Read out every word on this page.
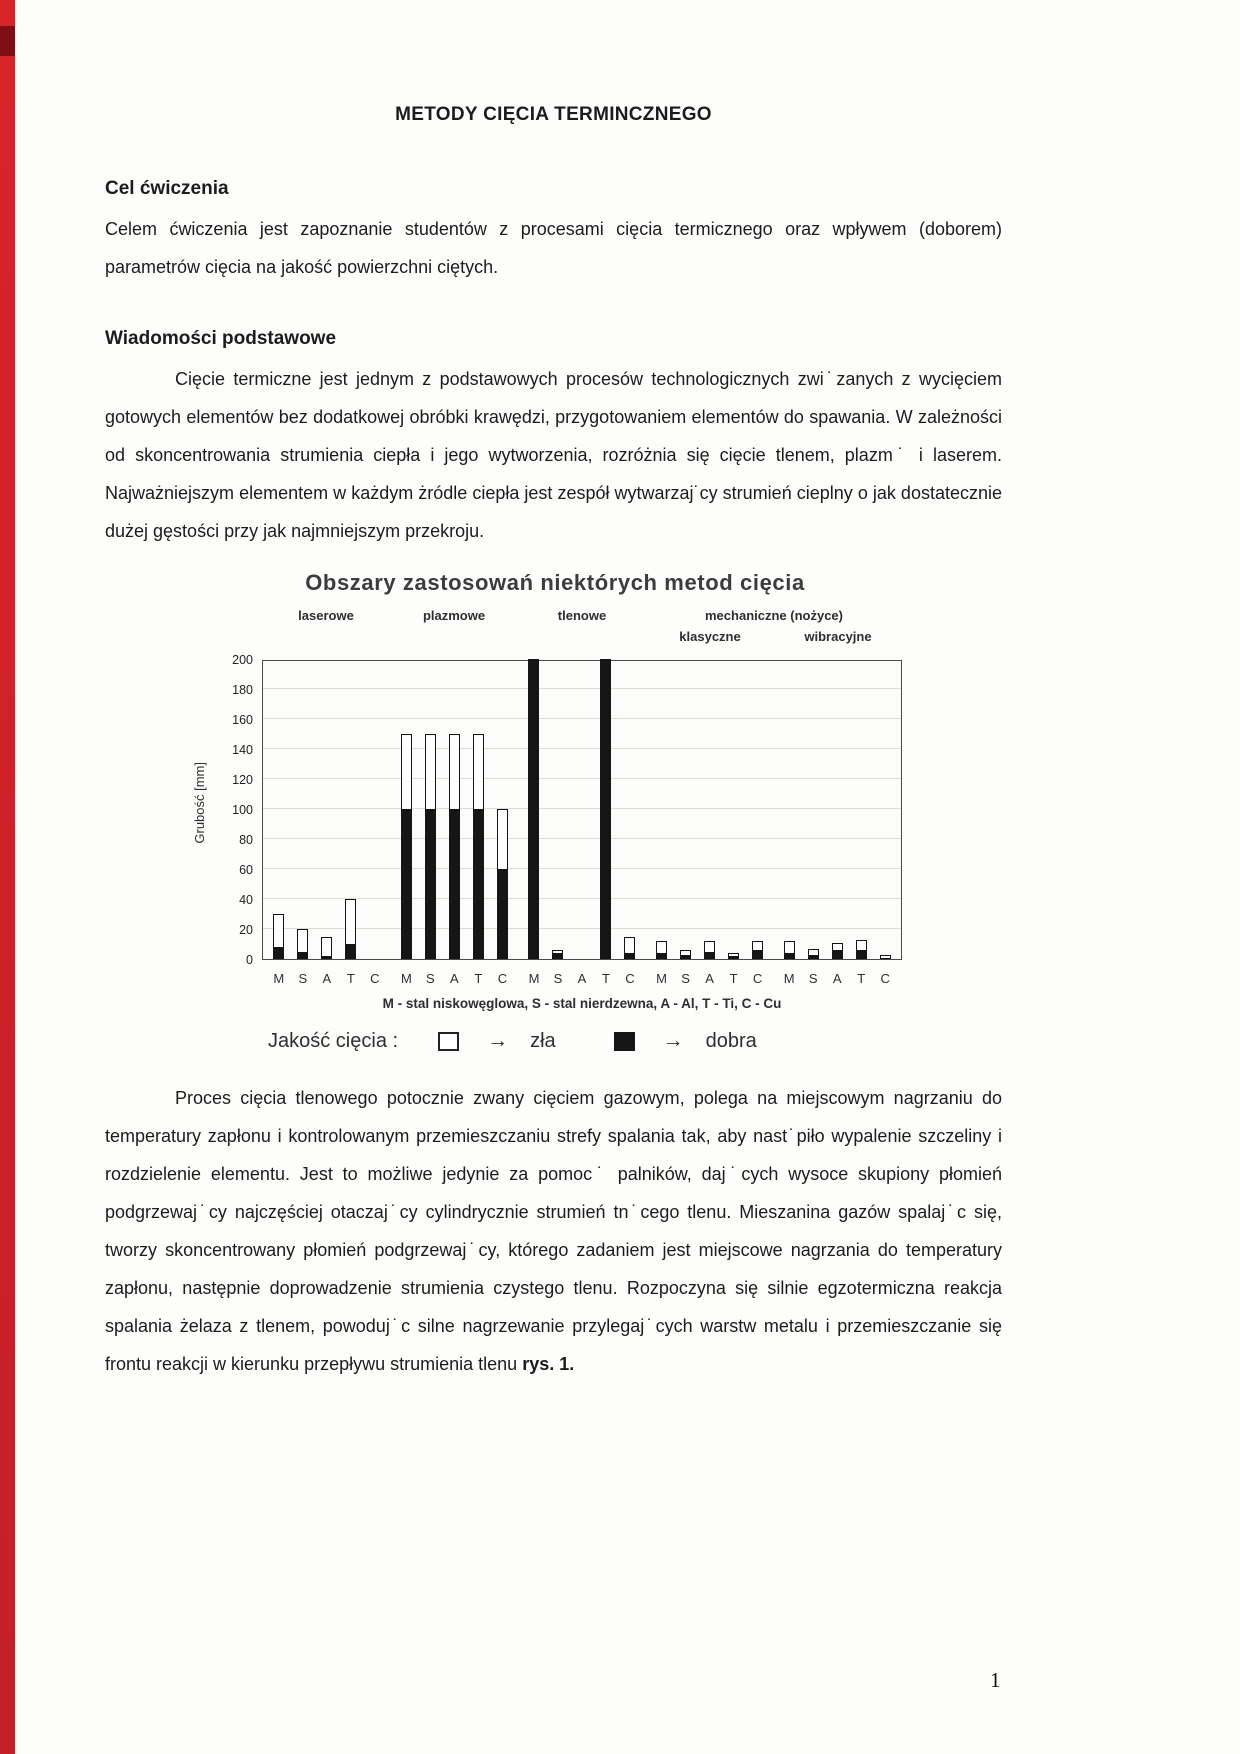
METODY CIĘCIA TERMINCZNEGO
Cel ćwiczenia

Celem ćwiczenia jest zapoznanie studentów z procesami cięcia termicznego oraz wpływem (doborem) parametrów cięcia na jakość powierzchni ciętych.

Wiadomości podstawowe

Cięcie termiczne jest jednym z podstawowych procesów technologicznych zwi˙zanych z wycięciem gotowych elementów bez dodatkowej obróbki krawędzi, przygotowaniem elementów do spawania. W zależności od skoncentrowania strumienia ciepła i jego wytworzenia, rozróżnia się cięcie tlenem, plazm˙ i laserem. Najważniejszym elementem w każdym żródle ciepła jest zespół wytwarzaj˙cy strumień cieplny o jak dostatecznie dużej gęstości przy jak najmniejszym przekroju.

Obszary zastosowań niektórych metod cięcia
laserowe	plazmowe	tlenowe	mechaniczne (nożyce)
klasyczne	wibracyjne
Grubość [mm]
0
20
40
60
80
100
120
140
160
180
200
M S A T C M S A T C M S A T C M S A T C M S A T C
M - stal niskowęglowa, S - stal nierdzewna, A - Al, T - Ti, C - Cu
Jakość cięcia :	→ zła	→ dobra

Proces cięcia tlenowego potocznie zwany cięciem gazowym, polega na miejscowym nagrzaniu do temperatury zapłonu i kontrolowanym przemieszczaniu strefy spalania tak, aby nast˙piło wypalenie szczeliny i rozdzielenie elementu. Jest to możliwe jedynie za pomoc˙ palników, daj˙cych wysoce skupiony płomień podgrzewaj˙cy najczęściej otaczaj˙cy cylindrycznie strumień tn˙cego tlenu. Mieszanina gazów spalaj˙c się, tworzy skoncentrowany płomień podgrzewaj˙cy, którego zadaniem jest miejscowe nagrzania do temperatury zapłonu, następnie doprowadzenie strumienia czystego tlenu. Rozpoczyna się silnie egzotermiczna reakcja spalania żelaza z tlenem, powoduj˙c silne nagrzewanie przylegaj˙cych warstw metalu i przemieszczanie się frontu reakcji w kierunku przepływu strumienia tlenu rys. 1.

1
